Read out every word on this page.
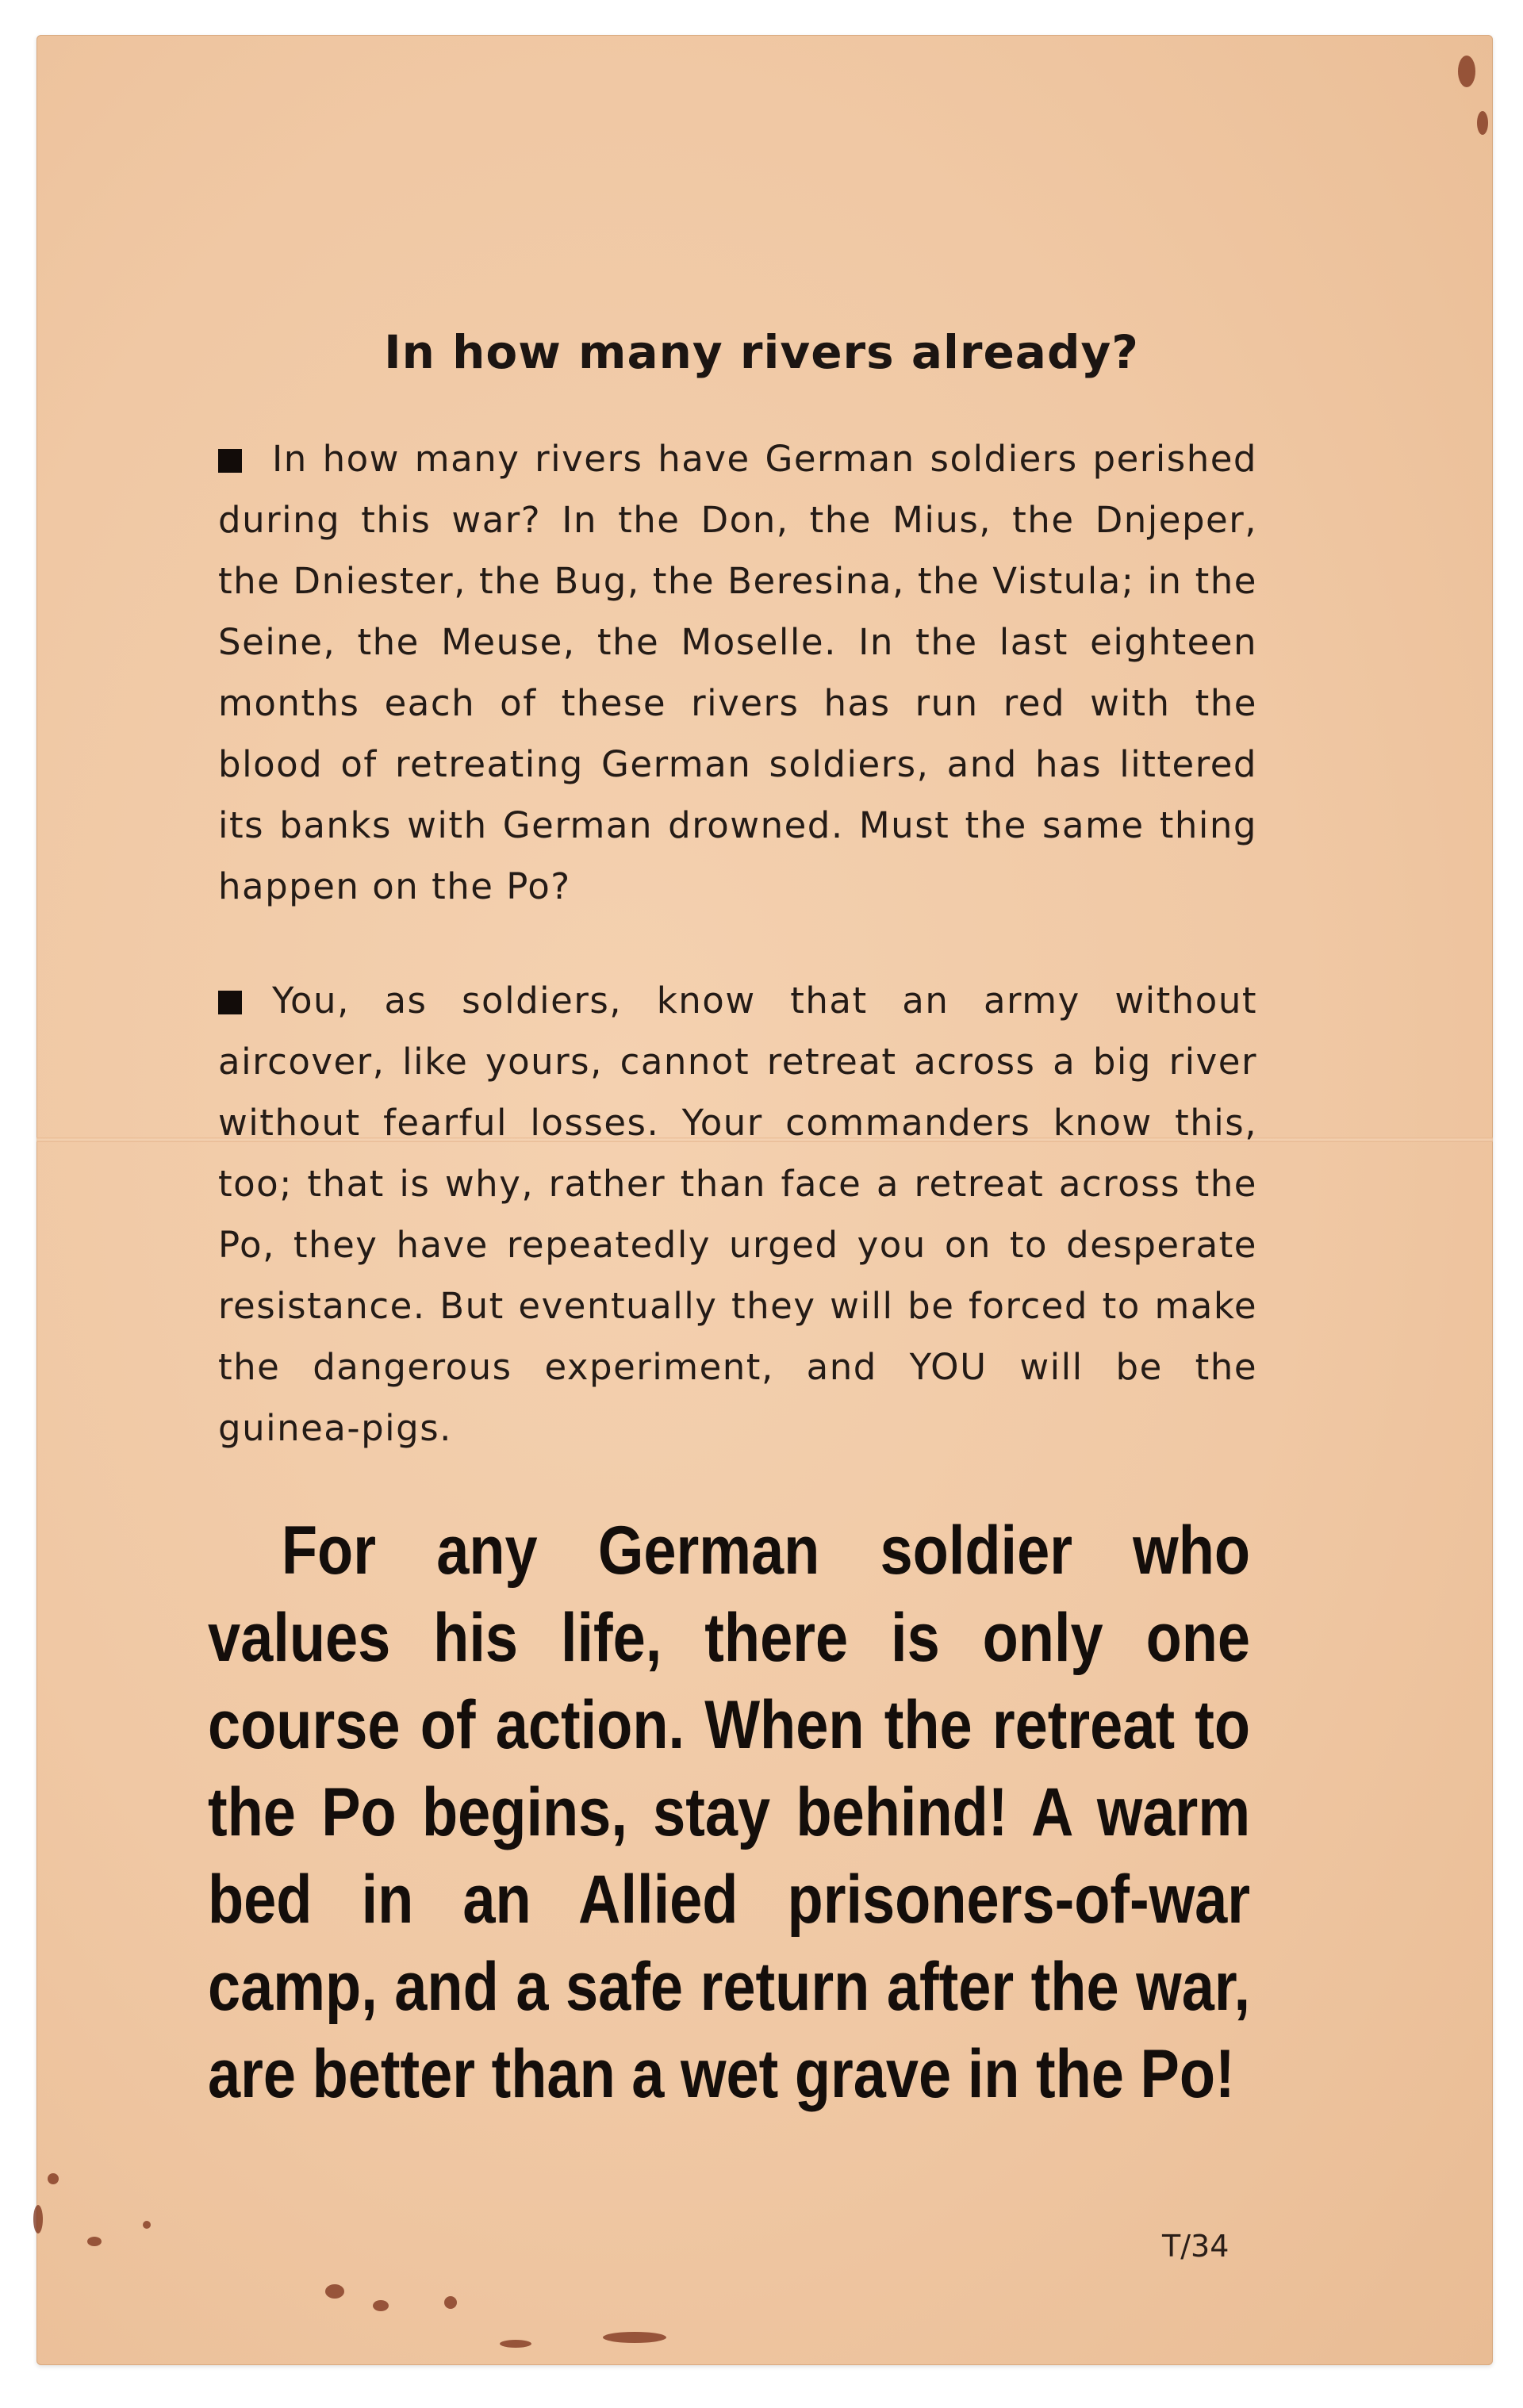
In how many rivers already?

In how many rivers have German soldiers perished during this war? In the Don, the Mius, the Dnjeper, the Dniester, the Bug, the Beresina, the Vistula; in the Seine, the Meuse, the Moselle. In the last eighteen months each of these rivers has run red with the blood of retreating German soldiers, and has littered its banks with German drowned. Must the same thing happen on the Po?

You, as soldiers, know that an army without aircover, like yours, cannot retreat across a big river without fearful losses. Your commanders know this, too; that is why, rather than face a retreat across the Po, they have repeatedly urged you on to desperate resistance. But eventually they will be forced to make the dangerous experiment, and YOU will be the guinea-pigs.

For any German soldier who values his life, there is only one course of action. When the retreat to the Po begins, stay behind! A warm bed in an Allied prisoners-of-war camp, and a safe return after the war, are better than a wet grave in the Po!

T/34
